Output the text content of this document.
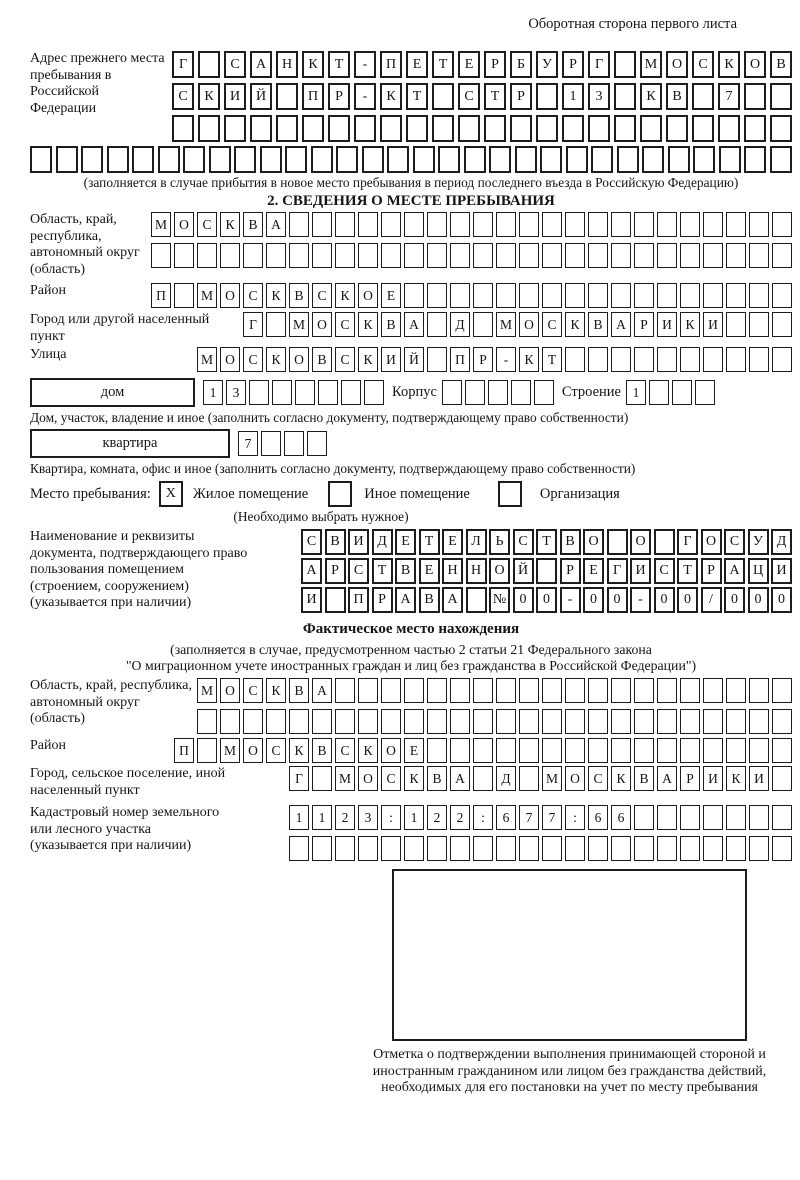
Оборотная сторона первого листа
Адрес прежнего места пребывания в Российской Федерации
Г	С	А	Н	К	Т	-	П	Е	Т	Е	Р	Б	У	Р	Г	М	О	С	К	О	В
С	К	И	Й	П	Р	-	К	Т	С	Т	Р	1	3	К	В	7
(заполняется в случае прибытия в новое место пребывания в период последнего въезда в Российскую Федерацию)
2. СВЕДЕНИЯ О МЕСТЕ ПРЕБЫВАНИЯ
Область, край, республика, автономный округ (область)
М О	С	К	В	А
Район	П	М О	С	К	В	С	К	О	Е
Город или другой населенный пункт
Г	М О	С	К	В	А	Д	М О	С	К	В	А	Р	И	К	И
Улица	М О	С	К	О	В	С	К	И Й	П	Р	-	К	Т
дом	1	3	Корпус	Строение 1
Дом, участок, владение и иное (заполнить согласно документу, подтверждающему право собственности)
квартира	7
Квартира, комната, офис и иное (заполнить согласно документу, подтверждающему право собственности)
Место пребывания:	X	Жилое помещение	Иное помещение	Организация
(Необходимо выбрать нужное)
Наименование и реквизиты документа, подтверждающего право пользования помещением (строением, сооружением) (указывается при наличии)
С	В И Д	Е	Т	Е	Л	Ь	С	Т	В О	О	Г	О С У Д
А	Р	С	Т	В	Е	Н Н О Й	Р	Е	Г	И С	Т	Р	А Ц И
И	П	Р	А В А	№ 0	0	-	0	0	-	0	0	/	0	0	0
Фактическое место нахождения
(заполняется в случае, предусмотренном частью 2 статьи 21 Федерального закона
"О миграционном учете иностранных граждан и лиц без гражданства в Российской Федерации")
Область, край, республика, автономный округ (область)
М О	С	К	В	А
Район	П	М О	С	К	В	С	К	О	Е
Город, сельское поселение, иной населенный пункт
Г	М О	С	К	В	А	Д	М О	С	К	В	А	Р	И	К	И
Кадастровый номер земельного или лесного участка (указывается при наличии)
1	1	2	3	:	1	2	2	:	6	7	7	:	6	6
Отметка о подтверждении выполнения принимающей стороной и иностранным гражданином или лицом без гражданства действий, необходимых для его постановки на учет по месту пребывания
